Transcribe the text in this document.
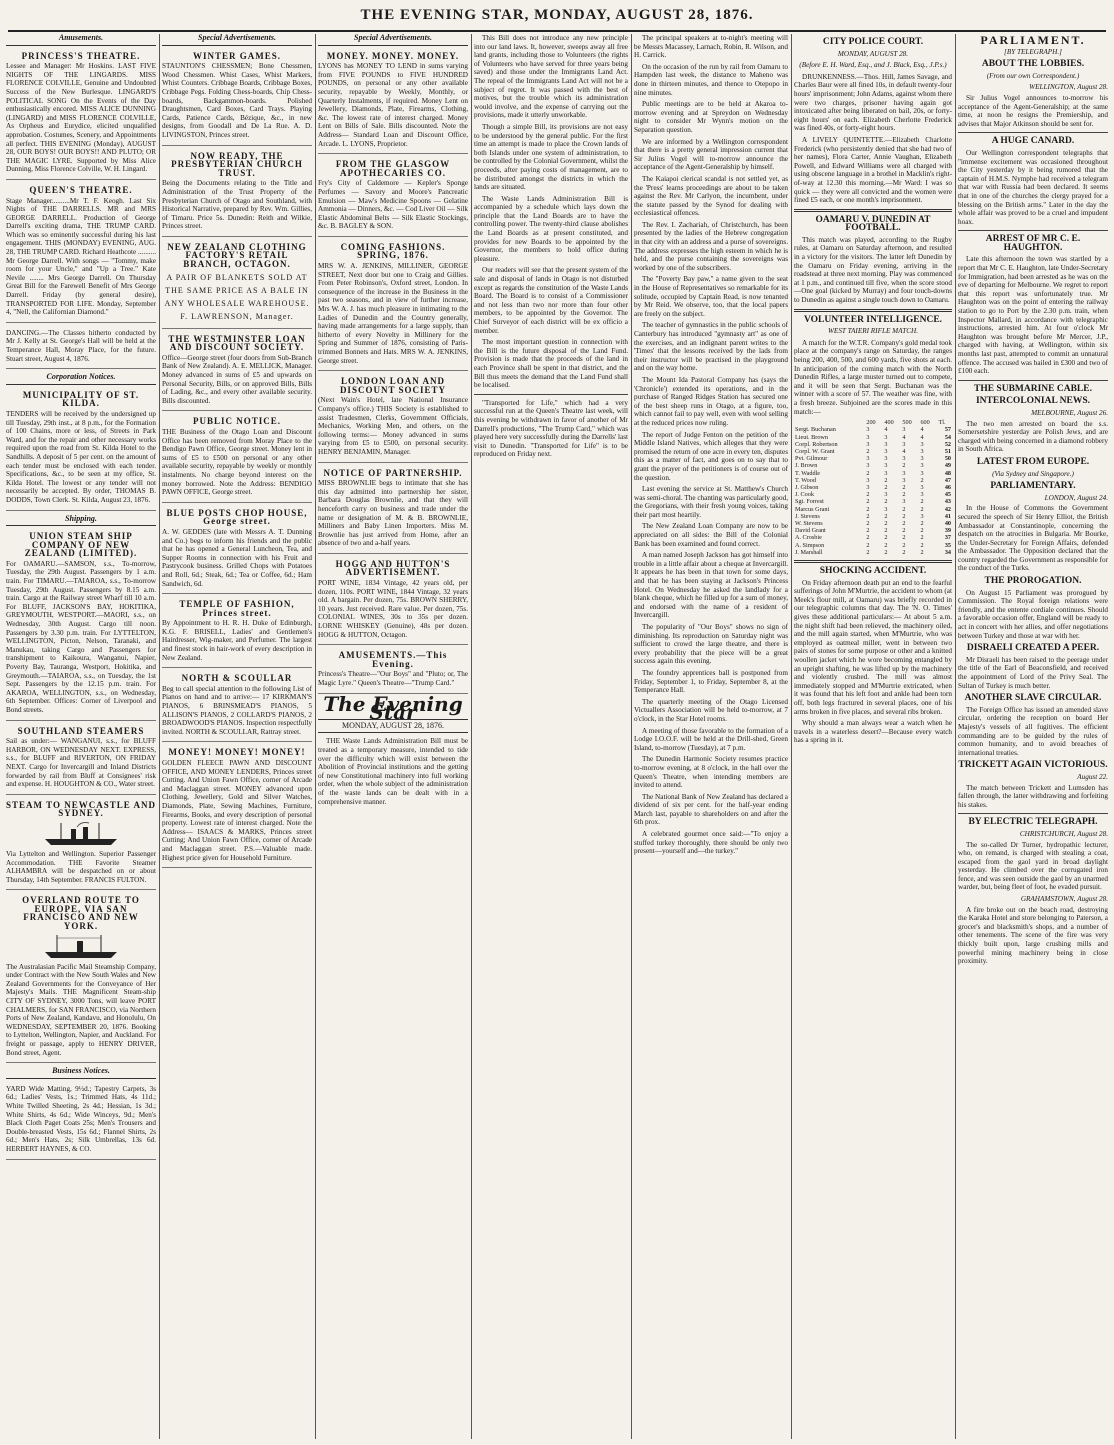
THE EVENING STAR, MONDAY, AUGUST 28, 1876.
Amusements.
PRINCESS'S THEATRE.

Lessee and Manager: Mr Hoskins. LAST FIVE NIGHTS OF THE LINGARDS. MISS FLORENCE COLVILLE, Genuine and Undoubted Success of the New Burlesque. LINGARD'S POLITICAL SONG On the Events of the Day enthusiastically encored. MISS ALICE DUNNING (LINGARD) and MISS FLORENCE COLVILLE, As Orpheus and Eurydice, elicited unqualified approbation. Costumes, Scenery, and Appointments all perfect. THIS EVENING (Monday), AUGUST 28, OUR BOYS! OUR BOYS!! AND PLUTO; OR THE MAGIC LYRE. Supported by Miss Alice Dunning, Miss Florence Colville, W. H. Lingard.

QUEEN'S THEATRE.

Stage Manager..........Mr T. F. Keogh. Last Six Nights of THE DARRELLS. MR and MRS GEORGE DARRELL. Production of George Darrell's exciting drama, THE TRUMP CARD. Which was so eminently successful during his last engagement. THIS (MONDAY) EVENING, AUG. 28, THE TRUMP CARD. Richard Heathcote .......... Mr George Darrell. With songs — "Tommy, make room for your Uncle," and "Up a Tree." Kate Nevile ........ Mrs George Darrell. On Thursday Great Bill for the Farewell Benefit of Mrs George Darrell. Friday (by general desire), TRANSPORTED FOR LIFE. Monday, September 4, "Nell, the Californian Diamond."

DANCING.—The Classes hitherto conducted by Mr J. Kelly at St. George's Hall will be held at the Temperance Hall, Moray Place, for the future. Stuart street, August 4, 1876.

Corporation Notices.
MUNICIPALITY OF ST. KILDA.

TENDERS will be received by the undersigned up till Tuesday, 29th inst., at 8 p.m., for the Formation of 100 Chains, more or less, of Streets in Park Ward, and for the repair and other necessary works required upon the road from St. Kilda Hotel to the Sandhills. A deposit of 5 per cent. on the amount of each tender must be enclosed with each tender. Specifications, &c., to be seen at my office, St. Kilda Hotel. The lowest or any tender will not necessarily be accepted. By order, THOMAS B. DODDS, Town Clerk. St. Kilda, August 23, 1876.

Shipping.
UNION STEAM SHIP COMPANY OF NEW ZEALAND (LIMITED).

For OAMARU.—SAMSON, s.s., To-morrow, Tuesday, the 29th August. Passengers by 1 a.m. train. For TIMARU.—TAIAROA, s.s., To-morrow Tuesday, 29th August. Passengers by 8.15 a.m. train. Cargo at the Railway street Wharf till 10 a.m. For BLUFF, JACKSON'S BAY, HOKITIKA, GREYMOUTH, WESTPORT.—MAORI, s.s., on Wednesday, 30th August. Cargo till noon. Passengers by 3.30 p.m. train. For LYTTELTON, WELLINGTON, Picton, Nelson, Taranaki, and Manukau, taking Cargo and Passengers for transhipment to Kaikoura, Wanganui, Napier, Poverty Bay, Tauranga, Westport, Hokitika, and Greymouth.—TAIAROA, s.s., on Tuesday, the 1st Sept. Passengers by the 12.15 p.m. train. For AKAROA, WELLINGTON, s.s., on Wednesday, 6th September. Offices: Corner of Liverpool and Bond streets.

SOUTHLAND STEAMERS

Sail as under:— WANGANUI, s.s., for BLUFF HARBOR, ON WEDNESDAY NEXT. EXPRESS, s.s., for BLUFF and RIVERTON, ON FRIDAY NEXT. Cargo for Invercargill and Inland Districts forwarded by rail from Bluff at Consignees' risk and expense. H. HOUGHTON & CO., Water street.

STEAM TO NEWCASTLE AND SYDNEY.

Via Lyttelton and Wellington. Superior Passenger Accommodation. THE Favorite Steamer ALHAMBRA will be despatched on or about Thursday, 14th September. FRANCIS FULTON.

OVERLAND ROUTE TO EUROPE, VIA SAN FRANCISCO AND NEW YORK.

The Australasian Pacific Mail Steamship Company, under Contract with the New South Wales and New Zealand Governments for the Conveyance of Her Majesty's Mails. THE Magnificent Steam-ship CITY OF SYDNEY, 3000 Tons, will leave PORT CHALMERS, for SAN FRANCISCO, via Northern Ports of New Zealand, Kandavu, and Honolulu, On WEDNESDAY, SEPTEMBER 20, 1876. Booking to Lyttelton, Wellington, Napier, and Auckland. For freight or passage, apply to HENRY DRIVER, Bond street, Agent.

Business Notices.

YARD Wide Matting, 9½d.; Tapestry Carpets, 3s 6d.; Ladies' Vests, 1s.; Trimmed Hats, 4s 11d.; White Twilled Sheeting, 2s 4d.; Hessian, 1s 3d.; White Shirts, 4s 6d.; Wide Winceys, 9d.; Men's Black Cloth Paget Coats 25s; Men's Trousers and Double-breasted Vests, 15s 6d.; Flannel Shirts, 2s 6d.; Men's Hats, 2s; Silk Umbrellas, 13s 6d. HERBERT HAYNES, & CO.

Special Advertisements.
WINTER GAMES.

STAUNTON'S CHESSMEN; Bone Chessmen, Wood Chessmen. Whist Cases, Whist Markers, Whist Counters. Cribbage Boards, Cribbage Boxes, Cribbage Pegs. Folding Chess-boards, Chip Chess-boards, Backgammon-boards. Polished Draughtsmen, Card Boxes, Card Trays. Playing Cards, Patience Cards, Bézique, &c., in new designs, from Goodall and De La Rue. A. D. LIVINGSTON, Princes street.

NOW READY, THE PRESBYTERIAN CHURCH TRUST.

Being the Documents relating to the Title and Administration of the Trust Property of the Presbyterian Church of Otago and Southland, with Historical Narrative, prepared by Rev. Wm. Gillies, of Timaru. Price 5s. Dunedin: Reith and Wilkie, Princes street.

NEW ZEALAND CLOTHING FACTORY'S RETAIL BRANCH, OCTAGON.

A PAIR OF BLANKETS SOLD AT THE SAME PRICE AS A BALE IN ANY WHOLESALE WAREHOUSE. F. LAWRENSON, Manager.

THE WESTMINSTER LOAN AND DISCOUNT SOCIETY.

Office—George street (four doors from Sub-Branch Bank of New Zealand). A. E. MELLICK, Manager. Money advanced in sums of £5 and upwards on Personal Security, Bills, or on approved Bills, Bills of Lading, &c., and every other available security. Bills discounted.

PUBLIC NOTICE.

THE Business of the Otago Loan and Discount Office has been removed from Moray Place to the Bendigo Pawn Office, George street. Money lent in sums of £5 to £500 on personal or any other available security, repayable by weekly or monthly instalments. No charge beyond interest on the money borrowed. Note the Address: BENDIGO PAWN OFFICE, George street.

BLUE POSTS CHOP HOUSE, George street.

A. W. GEDDES (late with Messrs A. T. Dunning and Co.) begs to inform his friends and the public that he has opened a General Luncheon, Tea, and Supper Rooms in connection with his Fruit and Pastrycook business. Grilled Chops with Potatoes and Roll, 6d.; Steak, 6d.; Tea or Coffee, 6d.; Ham Sandwich, 6d.

TEMPLE OF FASHION, Princes street.

By Appointment to H. R. H. Duke of Edinburgh, K.G. F. BRISELL, Ladies' and Gentlemen's Hairdresser, Wig-maker, and Perfumer. The largest and finest stock in hair-work of every description in New Zealand.

NORTH & SCOULLAR

Beg to call special attention to the following List of Pianos on hand and to arrive:— 17 KIRKMAN'S PIANOS, 6 BRINSMEAD'S PIANOS, 5 ALLISON'S PIANOS, 2 COLLARD'S PIANOS, 2 BROADWOOD'S PIANOS. Inspection respectfully invited. NORTH & SCOULLAR, Rattray street.

MONEY! MONEY! MONEY!

GOLDEN FLEECE PAWN AND DISCOUNT OFFICE, AND MONEY LENDERS, Princes street Cutting. And Union Fawn Office, corner of Arcade and Maclaggan street. MONEY advanced upon Clothing, Jewellery, Gold and Silver Watches, Diamonds, Plate, Sewing Machines, Furniture, Firearms, Books, and every description of personal property. Lowest rate of interest charged. Note the Address— ISAACS & MARKS, Princes street Cutting; And Union Fawn Office, corner of Arcade and Maclaggan street. P.S.—Valuable made. Highest price given for Household Furniture.

Special Advertisements.
MONEY. MONEY. MONEY.

LYONS has MONEY TO LEND in sums varying from FIVE POUNDS to FIVE HUNDRED POUNDS, on personal or any other available security, repayable by Weekly, Monthly, or Quarterly Instalments, if required. Money Lent on Jewellery, Diamonds, Plate, Firearms, Clothing, &c. The lowest rate of interest charged. Money Lent on Bills of Sale. Bills discounted. Note the Address— Standard Loan and Discount Office, Arcade. L. LYONS, Proprietor.

FROM THE GLASGOW APOTHECARIES CO.

Fry's City of Caldemore — Kepler's Sponge Perfumes — Savory and Moore's Pancreatic Emulsion — Maw's Medicine Spoons — Gelatine Ammonia — Dinners, &c. — Cod Liver Oil — Silk Elastic Abdominal Belts — Silk Elastic Stockings, &c. B. BAGLEY & SON.

COMING FASHIONS. SPRING, 1876.

MRS W. A. JENKINS, MILLINER, GEORGE STREET, Next door but one to Craig and Gillies. From Peter Robinson's, Oxford street, London. In consequence of the increase in the Business in the past two seasons, and in view of further increase, Mrs W. A. J. has much pleasure in intimating to the Ladies of Dunedin and the Country generally, having made arrangements for a large supply, than hitherto of every Novelty in Millinery for the Spring and Summer of 1876, consisting of Paris-trimmed Bonnets and Hats. MRS W. A. JENKINS, George street.

LONDON LOAN AND DISCOUNT SOCIETY

(Next Wain's Hotel, late National Insurance Company's office.) THIS Society is established to assist Tradesmen, Clerks, Government Officials, Mechanics, Working Men, and others, on the following terms:— Money advanced in sums varying from £5 to £500, on personal security. HENRY BENJAMIN, Manager.

NOTICE OF PARTNERSHIP.

MISS BROWNLIE begs to intimate that she has this day admitted into partnership her sister, Barbara Douglas Brownlie, and that they will henceforth carry on business and trade under the name or designation of M. & B. BROWNLIE, Milliners and Baby Linen Importers. Miss M. Brownlie has just arrived from Home, after an absence of two and a-half years.

HOGG AND HUTTON'S ADVERTISEMENT.

PORT WINE, 1834 Vintage, 42 years old, per dozen, 110s. PORT WINE, 1844 Vintage, 32 years old. A bargain. Per dozen, 75s. BROWN SHERRY, 10 years. Just received. Rare value. Per dozen, 75s. COLONIAL WINES, 30s to 35s per dozen. LORNE WHISKEY (Genuine), 48s per dozen. HOGG & HUTTON, Octagon.

AMUSEMENTS.—This Evening.

Princess's Theatre—"Our Boys" and "Pluto; or, The Magic Lyre." Queen's Theatre—"Trump Card."

The Evening Star
MONDAY, AUGUST 28, 1876.

THE Waste Lands Administration Bill must be treated as a temporary measure, intended to tide over the difficulty which will exist between the Abolition of Provincial institutions and the getting of new Constitutional machinery into full working order, when the whole subject of the administration of the waste lands can be dealt with in a comprehensive manner.

This Bill does not introduce any new principle into our land laws. It, however, sweeps away all free land grants, including those to Volunteers (the rights of Volunteers who have served for three years being saved) and those under the Immigrants Land Act. The repeal of the Immigrants Land Act will not be a subject of regret. It was passed with the best of motives, but the trouble which its administration would involve, and the expense of carrying out the provisions, made it utterly unworkable.

Though a simple Bill, its provisions are not easy to be understood by the general public. For the first time an attempt is made to place the Crown lands of both Islands under one system of administration, to be controlled by the Colonial Government, whilst the proceeds, after paying costs of management, are to be distributed amongst the districts in which the lands are situated.

The Waste Lands Administration Bill is accompanied by a schedule which lays down the principle that the Land Boards are to have the controlling power. The twenty-third clause abolishes the Land Boards as at present constituted, and provides for new Boards to be appointed by the Governor, the members to hold office during pleasure.

Our readers will see that the present system of the sale and disposal of lands in Otago is not disturbed except as regards the constitution of the Waste Lands Board. The Board is to consist of a Commissioner and not less than two nor more than four other members, to be appointed by the Governor. The Chief Surveyor of each district will be ex officio a member.

The most important question in connection with the Bill is the future disposal of the Land Fund. Provision is made that the proceeds of the land in each Province shall be spent in that district, and the Bill thus meets the demand that the Land Fund shall be localised.

"Transported for Life," which had a very successful run at the Queen's Theatre last week, will this evening be withdrawn in favor of another of Mr Darrell's productions, "The Trump Card," which was played here very successfully during the Darrells' last visit to Dunedin. "Transported for Life" is to be reproduced on Friday next.

The principal speakers at to-night's meeting will be Messrs Macassey, Larnach, Robin, R. Wilson, and H. Carrick.

On the occasion of the run by rail from Oamaru to Hampden last week, the distance to Maheno was done in thirteen minutes, and thence to Otepopo in nine minutes.

Public meetings are to be held at Akaroa to-morrow evening and at Spreydon on Wednesday night to consider Mr Wynn's motion on the Separation question.

We are informed by a Wellington correspondent that there is a pretty general impression current that Sir Julius Vogel will to-morrow announce the acceptance of the Agent-Generalship by himself.

The Kaiapoi clerical scandal is not settled yet, as the 'Press' learns proceedings are about to be taken against the Rev. Mr Carlyon, the incumbent, under the statute passed by the Synod for dealing with ecclesiastical offences.

The Rev. I. Zachariah, of Christchurch, has been presented by the ladies of the Hebrew congregation in that city with an address and a purse of sovereigns. The address expresses the high esteem in which he is held, and the purse containing the sovereigns was worked by one of the subscribers.

The "Poverty Bay paw," a name given to the seat in the House of Representatives so remarkable for its solitude, occupied by Captain Read, is now tenanted by Mr Reid. We observe, too, that the local papers are freely on the subject.

The teacher of gymnastics in the public schools of Canterbury has introduced "gymnasty art" as one of the exercises, and an indignant parent writes to the 'Times' that the lessons received by the lads from their instructor will be practised in the playground and on the way home.

The Mount Ida Pastoral Company has (says the 'Chronicle') extended its operations, and in the purchase of Ranged Ridges Station has secured one of the best sheep runs in Otago, at a figure, too, which cannot fail to pay well, even with wool selling at the reduced prices now ruling.

The report of Judge Fenton on the petition of the Middle Island Natives, which alleges that they were promised the return of one acre in every ten, disputes this as a matter of fact, and goes on to say that to grant the prayer of the petitioners is of course out of the question.

Last evening the service at St. Matthew's Church was semi-choral. The chanting was particularly good, the Gregorians, with their fresh young voices, taking their part most heartily.

The New Zealand Loan Company are now to be appreciated on all sides: the Bill of the Colonial Bank has been examined and found correct.

A man named Joseph Jackson has got himself into trouble in a little affair about a cheque at Invercargill. It appears he has been in that town for some days, and that he has been staying at Jackson's Princess Hotel. On Wednesday he asked the landlady for a blank cheque, which he filled up for a sum of money, and endorsed with the name of a resident of Invercargill.

The popularity of "Our Boys" shows no sign of diminishing. Its reproduction on Saturday night was sufficient to crowd the large theatre, and there is every probability that the piece will be a great success again this evening.

The foundry apprentices ball is postponed from Friday, September 1, to Friday, September 8, at the Temperance Hall.

The quarterly meeting of the Otago Licensed Victuallers Association will be held to-morrow, at 7 o'clock, in the Star Hotel rooms.

A meeting of those favorable to the formation of a Lodge I.O.O.F. will be held at the Drill-shed, Green Island, to-morrow (Tuesday), at 7 p.m.

The Dunedin Harmonic Society resumes practice to-morrow evening, at 8 o'clock, in the hall over the Queen's Theatre, when intending members are invited to attend.

The National Bank of New Zealand has declared a dividend of six per cent. for the half-year ending March last, payable to shareholders on and after the 6th prox.

A celebrated gourmet once said:—"To enjoy a stuffed turkey thoroughly, there should be only two present—yourself and—the turkey."

CITY POLICE COURT.
MONDAY, AUGUST 28.
(Before E. H. Ward, Esq., and J. Black, Esq., J.P.s.)

DRUNKENNESS.—Thos. Hill, James Savage, and Charles Baur were all fined 10s, in default twenty-four hours' imprisonment; John Adams, against whom there were two charges, prisoner having again got intoxicated after being liberated on bail, 20s, or forty-eight hours' on each. Elizabeth Cherlotte Frederick was fined 40s, or forty-eight hours.

A LIVELY QUINTETTE.—Elizabeth Charlotte Frederick (who persistently denied that she had two of her names), Flora Carter, Annie Vaughan, Elizabeth Powell, and Edward Williams were all charged with using obscene language in a brothel in Macklin's right-of-way at 12.30 this morning.—Mr Ward: I was so quick — they were all convicted and the women were fined £5 each, or one month's imprisonment.

OAMARU V. DUNEDIN AT FOOTBALL.

This match was played, according to the Rugby rules, at Oamaru on Saturday afternoon, and resulted in a victory for the visitors. The latter left Dunedin by the Oamaru on Friday evening, arriving in the roadstead at three next morning. Play was commenced at 1 p.m., and continued till five, when the score stood—One goal (kicked by Murray) and four touch-downs to Dunedin as against a single touch down to Oamaru.

VOLUNTEER INTELLIGENCE.
WEST TAIERI RIFLE MATCH.

A match for the W.T.R. Company's gold medal took place at the company's range on Saturday, the ranges being 200, 400, 500, and 600 yards, five shots at each. In anticipation of the coming match with the North Dunedin Rifles, a large muster turned out to compete, and it will be seen that Sergt. Buchanan was the winner with a score of 57. The weather was fine, with a fresh breeze. Subjoined are the scores made in this match:—

	200	400	500	600	Tl.
Sergt. Buchanan	3	4	3	4	57
Lieut. Brown	3	3	4	4	54
Corpl. Robertson	3	3	3	3	52
Corpl. W. Grant	2	3	4	3	51
Pvt. Gilmour	3	3	3	3	50
J. Brown	3	3	2	3	49
T. Waddle	2	3	3	3	48
T. Wood	3	2	3	2	47
J. Gibson	3	2	2	3	46
J. Cook	2	3	2	3	45
Sgt. Forrest	2	2	3	2	43
Marcus Grant	2	3	2	2	42
J. Stevens	2	2	2	3	41
W. Stevens	2	2	2	2	40
David Grant	2	2	2	2	39
A. Crosbie	2	2	2	2	37
A. Simpson	2	2	2	2	35
J. Marshall	2	2	2	2	34
SHOCKING ACCIDENT.

On Friday afternoon death put an end to the fearful sufferings of John M'Murtrie, the accident to whom (at Meek's flour mill, at Oamaru) was briefly recorded in our telegraphic columns that day. The 'N. O. Times' gives these additional particulars:— At about 5 a.m. the night shift had been relieved, the machinery oiled, and the mill again started, when M'Murtrie, who was employed as oatmeal miller, went in between two pairs of stones for some purpose or other and a knitted woollen jacket which he wore becoming entangled by an upright shafting, he was lifted up by the machinery and violently crushed. The mill was almost immediately stopped and M'Murtrie extricated, when it was found that his left foot and ankle had been torn off, both legs fractured in several places, one of his arms broken in five places, and several ribs broken.

Why should a man always wear a watch when he travels in a waterless desert?—Because every watch has a spring in it.

PARLIAMENT.
[BY TELEGRAPH.]
ABOUT THE LOBBIES.
(From our own Correspondent.)
WELLINGTON, August 28.

Sir Julius Vogel announces to-morrow his acceptance of the Agent-Generalship; at the same time, at noon he resigns the Premiership, and advises that Major Atkinson should be sent for.

A HUGE CANARD.

Our Wellington correspondent telegraphs that "immense excitement was occasioned throughout the City yesterday by it being rumored that the captain of H.M.S. Nymphe had received a telegram that war with Russia had been declared. It seems that in one of the churches the clergy prayed for a blessing on the British arms." Later in the day the whole affair was proved to be a cruel and impudent hoax.

ARREST OF MR C. E. HAUGHTON.

Late this afternoon the town was startled by a report that Mr C. E. Haughton, late Under-Secretary for Immigration, had been arrested as he was on the eve of departing for Melbourne. We regret to report that this report was unfortunately true. Mr Haughton was on the point of entering the railway station to go to Port by the 2.30 p.m. train, when Inspector Mallard, in accordance with telegraphic instructions, arrested him. At four o'clock Mr Haughton was brought before Mr Mercer, J.P., charged with having, at Wellington, within six months last past, attempted to commit an unnatural offence. The accused was bailed in £300 and two of £100 each.

THE SUBMARINE CABLE.
INTERCOLONIAL NEWS.
MELBOURNE, August 26.

The two men arrested on board the s.s. Somersetshire yesterday are Polish Jews, and are charged with being concerned in a diamond robbery in South Africa.

LATEST FROM EUROPE.
(Via Sydney and Singapore.)
PARLIAMENTARY.
LONDON, August 24.

In the House of Commons the Government secured the speech of Sir Henry Elliot, the British Ambassador at Constantinople, concerning the despatch on the atrocities in Bulgaria. Mr Bourke, the Under-Secretary for Foreign Affairs, defended the Ambassador. The Opposition declared that the country regarded the Government as responsible for the conduct of the Turks.

THE PROROGATION.

On August 15 Parliament was prorogued by Commission. The Royal foreign relations were friendly, and the entente cordiale continues. Should a favorable occasion offer, England will be ready to act in concert with her allies, and offer negotiations between Turkey and those at war with her.

DISRAELI CREATED A PEER.

Mr Disraeli has been raised to the peerage under the title of the Earl of Beaconsfield, and received the appointment of Lord of the Privy Seal. The Sultan of Turkey is much better.

ANOTHER SLAVE CIRCULAR.

The Foreign Office has issued an amended slave circular, ordering the reception on board Her Majesty's vessels of all fugitives. The efficient commanding are to be guided by the rules of common humanity, and to avoid breaches of international treaties.

TRICKETT AGAIN VICTORIOUS.
August 22.

The match between Trickett and Lumsden has fallen through, the latter withdrawing and forfeiting his stakes.

BY ELECTRIC TELEGRAPH.
CHRISTCHURCH, August 28.

The so-called Dr Turner, hydropathic lecturer, who, on remand, is charged with stealing a coat, escaped from the gaol yard in broad daylight yesterday. He climbed over the corrugated iron fence, and was seen outside the gaol by an unarmed warder, but, being fleet of foot, he evaded pursuit.

GRAHAMSTOWN, August 28.

A fire broke out on the beach road, destroying the Karaka Hotel and store belonging to Paterson, a grocer's and blacksmith's shops, and a number of other tenements. The scene of the fire was very thickly built upon, large crushing mills and powerful mining machinery being in close proximity.
